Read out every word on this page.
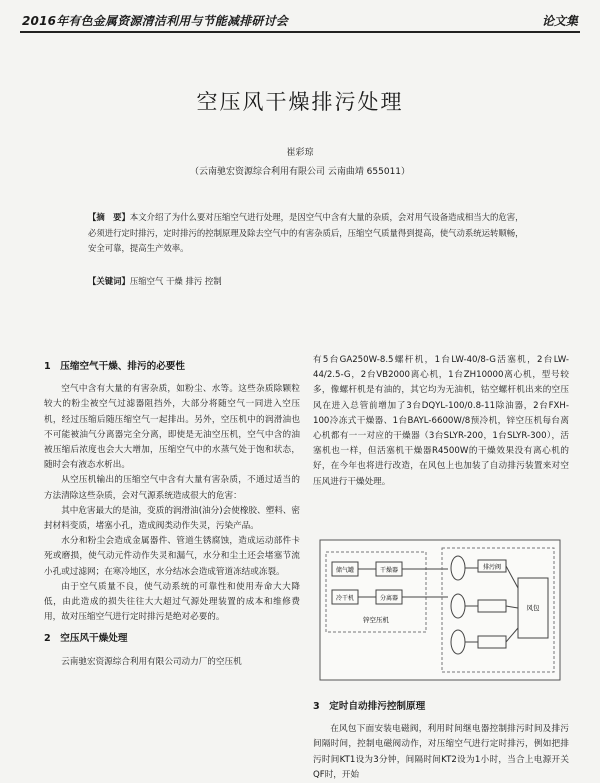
2016年有色金属资源清洁利用与节能减排研讨会	论文集
空压风干燥排污处理
崔彩琼
（云南驰宏资源综合利用有限公司 云南曲靖 655011）
【摘　要】本文介绍了为什么要对压缩空气进行处理，是因空气中含有大量的杂质，会对用气设备造成相当大的危害，必须进行定时排污，定时排污的控制原理及除去空气中的有害杂质后，压缩空气质量得到提高，使气动系统运转顺畅，安全可靠，提高生产效率。
【关键词】压缩空气 干燥 排污 控制
1　压缩空气干燥、排污的必要性

空气中含有大量的有害杂质，如粉尘、水等。这些杂质除颗粒较大的粉尘被空气过滤器阻挡外，大部分将随空气一同进入空压机，经过压缩后随压缩空气一起排出。另外，空压机中的润滑油也不可能被油气分离器完全分离，即使是无油空压机，空气中含的油被压缩后浓度也会大大增加，压缩空气中的水蒸气处于饱和状态，随时会有液态水析出。

从空压机输出的压缩空气中含有大量有害杂质，不通过适当的方法清除这些杂质，会对气源系统造成很大的危害：

其中危害最大的是油，变质的润滑油(油分)会使橡胶、塑料、密封材料变质，堵塞小孔，造成阀类动作失灵，污染产品。

水分和粉尘会造成金属器件、管道生锈腐蚀，造成运动部件卡死或磨损，使气动元件动作失灵和漏气，水分和尘土还会堵塞节流小孔或过滤网；在寒冷地区，水分结冰会造成管道冻结或冻裂。

由于空气质量不良，使气动系统的可靠性和使用寿命大大降低，由此造成的损失往往大大超过气源处理装置的成本和维修费用，故对压缩空气进行定时排污是绝对必要的。

2　空压风干燥处理

云南驰宏资源综合利用有限公司动力厂的空压机

有5台GA250W-8.5螺杆机，1台LW-40/8-G活塞机，2台LW-44/2.5-G，2台VB2000离心机，1台ZH10000离心机，型号较多，像螺杆机是有油的，其它均为无油机，钴空螺杆机出来的空压风在进入总管前增加了3台DQYL-100/0.8-11除油器，2台FXH-100冷冻式干燥器、1台BAYL-6600W/8预冷机，锌空压机每台离心机都有一一对应的干燥器（3台SLYR-200，1台SLYR-300），活塞机也一样，但活塞机干燥器R4500W的干燥效果没有离心机的好，在今年也将进行改造，在风包上也加装了自动排污装置来对空压风进行干燥处理。

储气罐
冷干机
干燥器
分离器
锌空压机
排污阀
风包
3　定时自动排污控制原理

在风包下面安装电磁阀，利用时间继电器控制排污时间及排污间隔时间，控制电磁阀动作，对压缩空气进行定时排污，例如把排污时间KT1设为3分钟，间隔时间KT2设为1小时，当合上电源开关QF时，开始
